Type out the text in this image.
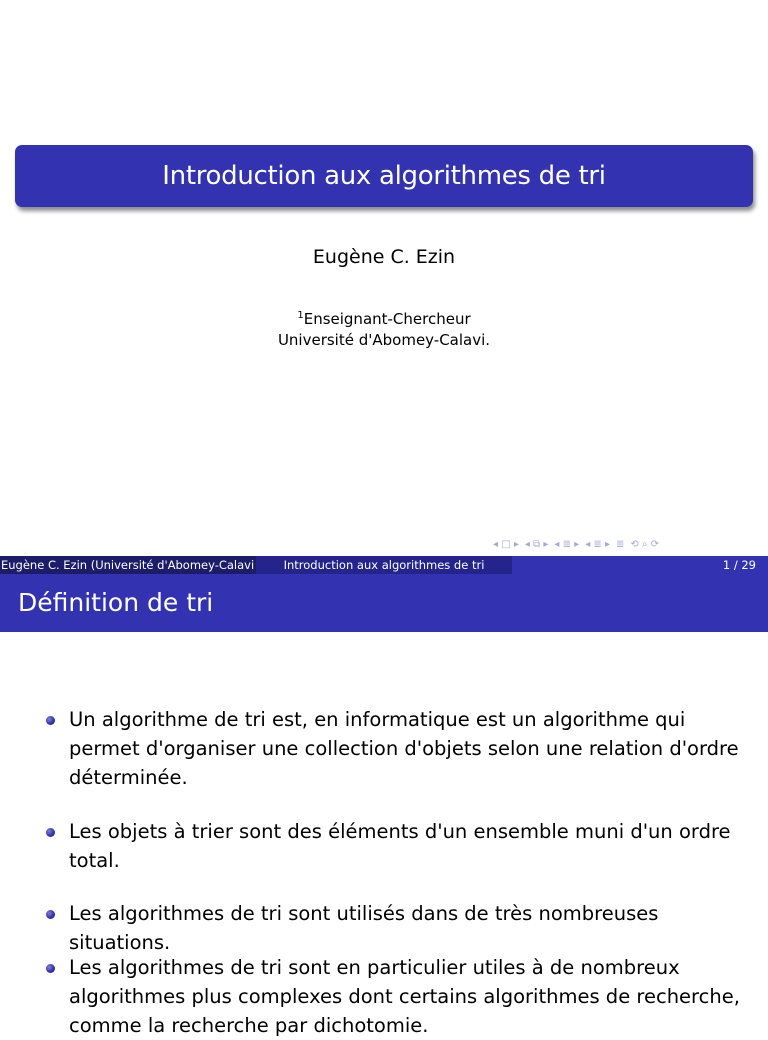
Introduction aux algorithmes de tri
Eugène C. Ezin
$^1$Enseignant-Chercheur
Université d'Abomey-Calavi.
◂ □ ▸ ◂ ⧉ ▸ ◂ ≣ ▸ ◂ ≣ ▸ ≣ ⟲ ⌕ ⟳
Eugène C. Ezin (Université d'Abomey-Calavi	Introduction aux algorithmes de tri	1 / 29
Définition de tri
Un algorithme de tri est, en informatique est un algorithme qui permet d'organiser une collection d'objets selon une relation d'ordre déterminée.
Les objets à trier sont des éléments d'un ensemble muni d'un ordre total.
Les algorithmes de tri sont utilisés dans de très nombreuses situations.
Les algorithmes de tri sont en particulier utiles à de nombreux algorithmes plus complexes dont certains algorithmes de recherche, comme la recherche par dichotomie.
